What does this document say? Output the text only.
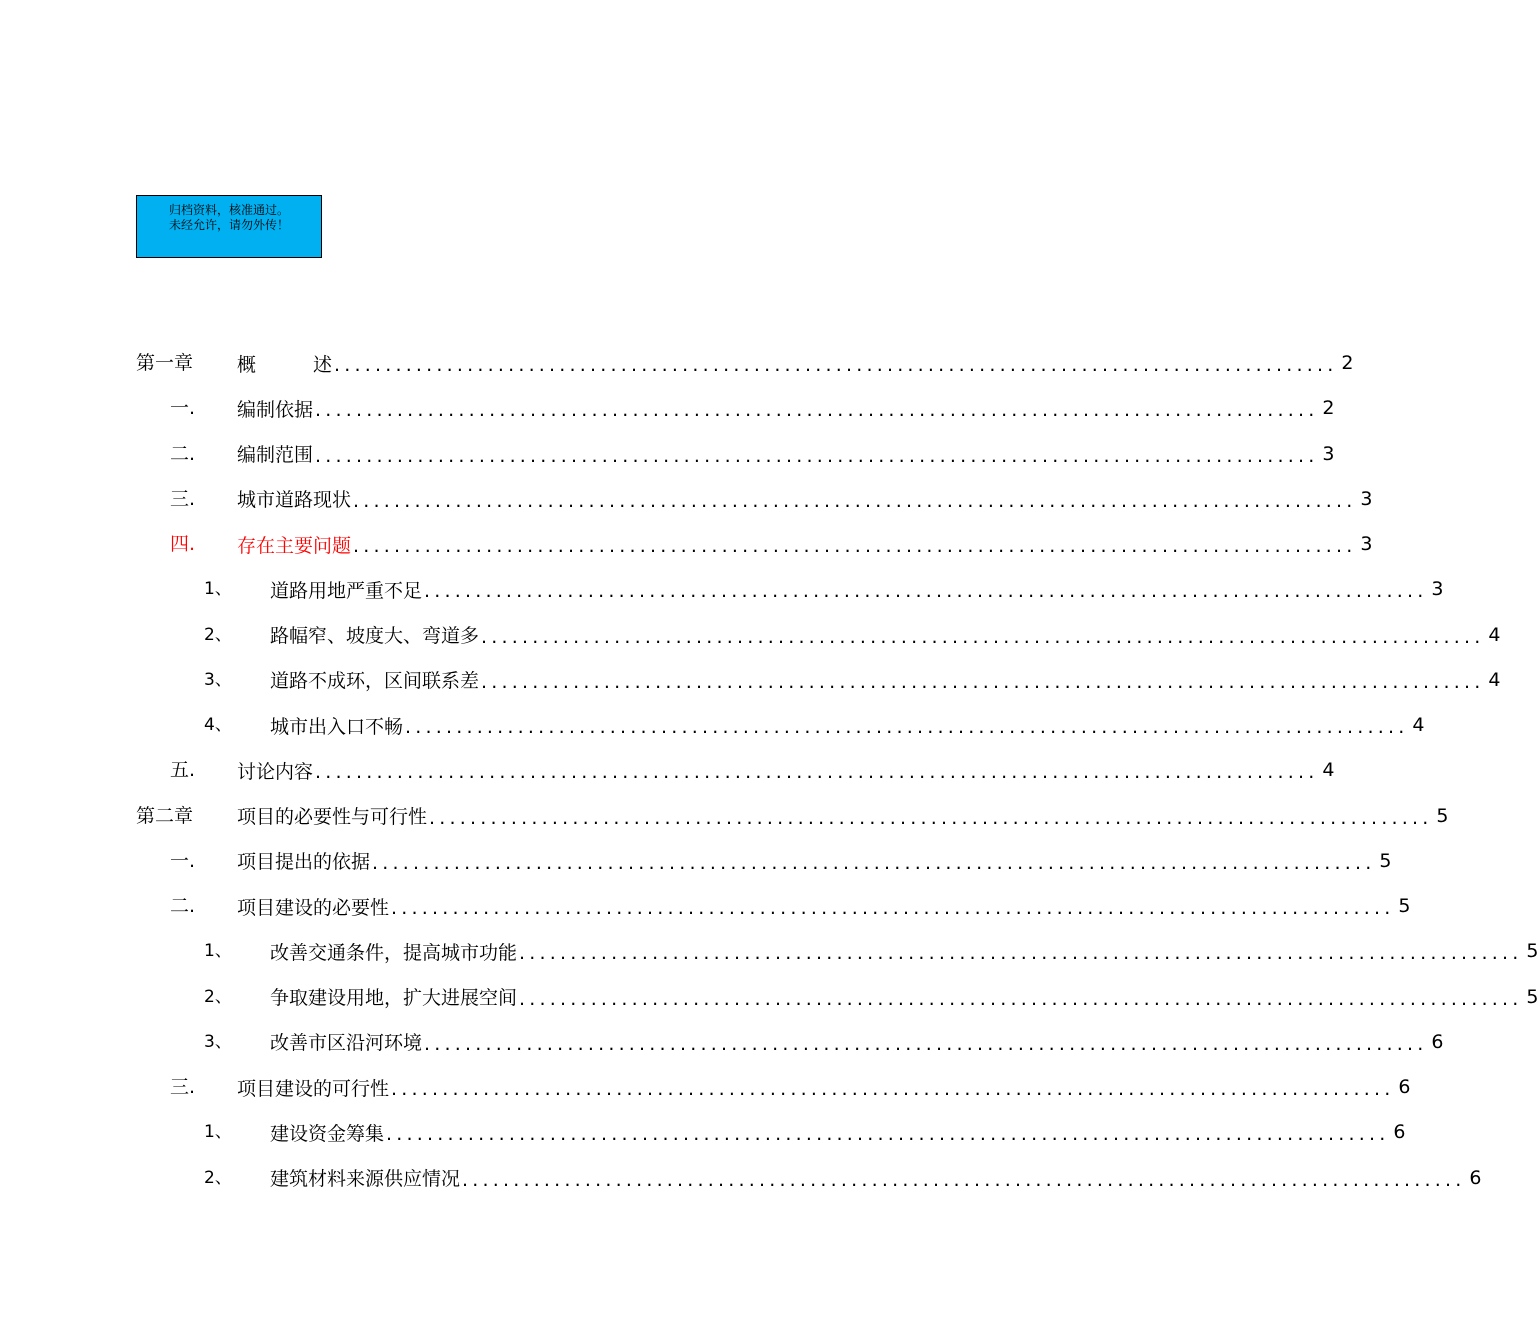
归档资料，核准通过。
未经允许，请勿外传！
第一章 概　　　述 .................................................................................................. 2
一. 编制依据 .................................................................................................. 2
二. 编制范围 .................................................................................................. 3
三. 城市道路现状 .................................................................................................. 3
四. 存在主要问题 .................................................................................................. 3
1、 道路用地严重不足 .................................................................................................. 3
2、 路幅窄、坡度大、弯道多 .................................................................................................. 4
3、 道路不成环，区间联系差 .................................................................................................. 4
4、 城市出入口不畅 .................................................................................................. 4
五. 讨论内容 .................................................................................................. 4
第二章 项目的必要性与可行性 .................................................................................................. 5
一. 项目提出的依据 .................................................................................................. 5
二. 项目建设的必要性 .................................................................................................. 5
1、 改善交通条件，提高城市功能 .................................................................................................. 5
2、 争取建设用地，扩大进展空间 .................................................................................................. 5
3、 改善市区沿河环境 .................................................................................................. 6
三. 项目建设的可行性 .................................................................................................. 6
1、 建设资金筹集 .................................................................................................. 6
2、 建筑材料来源供应情况 .................................................................................................. 6
